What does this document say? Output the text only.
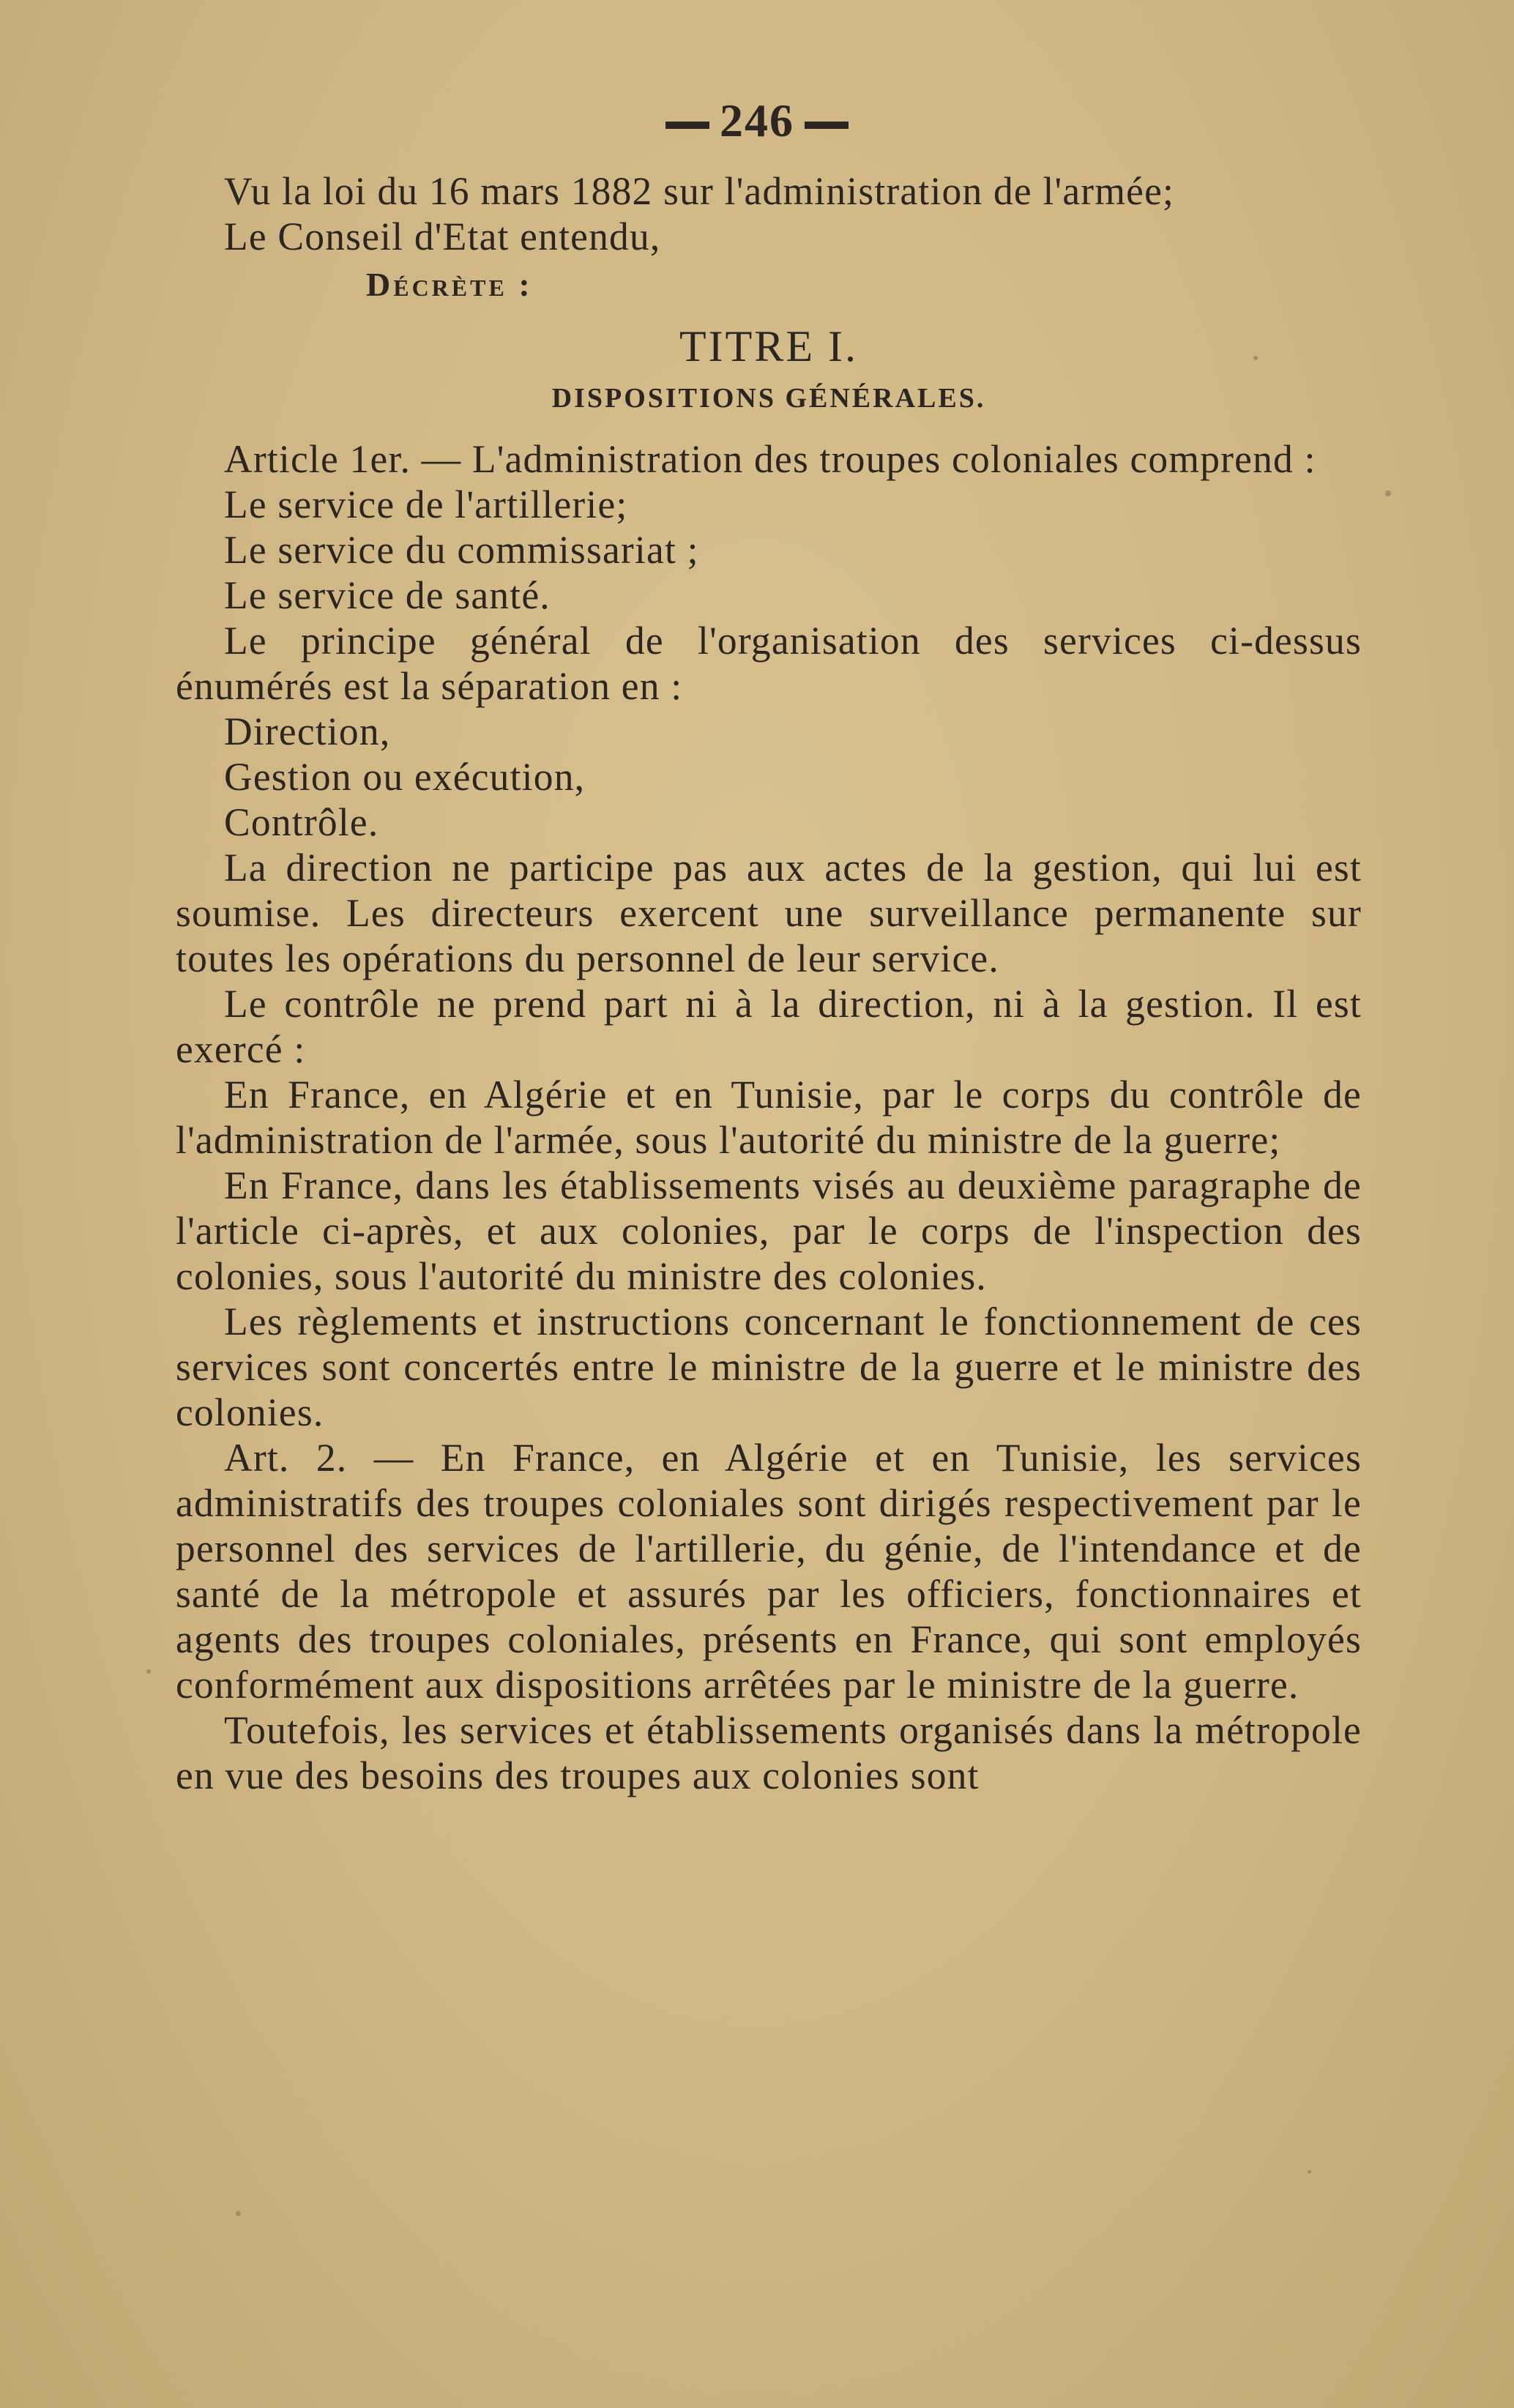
246

Vu la loi du 16 mars 1882 sur l'administration de l'armée;

Le Conseil d'Etat entendu,

Décrète :

TITRE I.

DISPOSITIONS GÉNÉRALES.

Article 1er. — L'administration des troupes coloniales comprend :

Le service de l'artillerie;

Le service du commissariat ;

Le service de santé.

Le principe général de l'organisation des services ci-dessus énumérés est la séparation en :

Direction,

Gestion ou exécution,

Contrôle.

La direction ne participe pas aux actes de la gestion, qui lui est soumise. Les directeurs exercent une surveillance permanente sur toutes les opérations du personnel de leur service.

Le contrôle ne prend part ni à la direction, ni à la gestion. Il est exercé :

En France, en Algérie et en Tunisie, par le corps du contrôle de l'administration de l'armée, sous l'autorité du ministre de la guerre;

En France, dans les établissements visés au deuxième paragraphe de l'article ci-après, et aux colonies, par le corps de l'inspection des colonies, sous l'autorité du ministre des colonies.

Les règlements et instructions concernant le fonctionnement de ces services sont concertés entre le ministre de la guerre et le ministre des colonies.

Art. 2. — En France, en Algérie et en Tunisie, les services administratifs des troupes coloniales sont dirigés respectivement par le personnel des services de l'artillerie, du génie, de l'intendance et de santé de la métropole et assurés par les officiers, fonctionnaires et agents des troupes coloniales, présents en France, qui sont employés conformément aux dispositions arrêtées par le ministre de la guerre.

Toutefois, les services et établissements organisés dans la métropole en vue des besoins des troupes aux colonies sont
